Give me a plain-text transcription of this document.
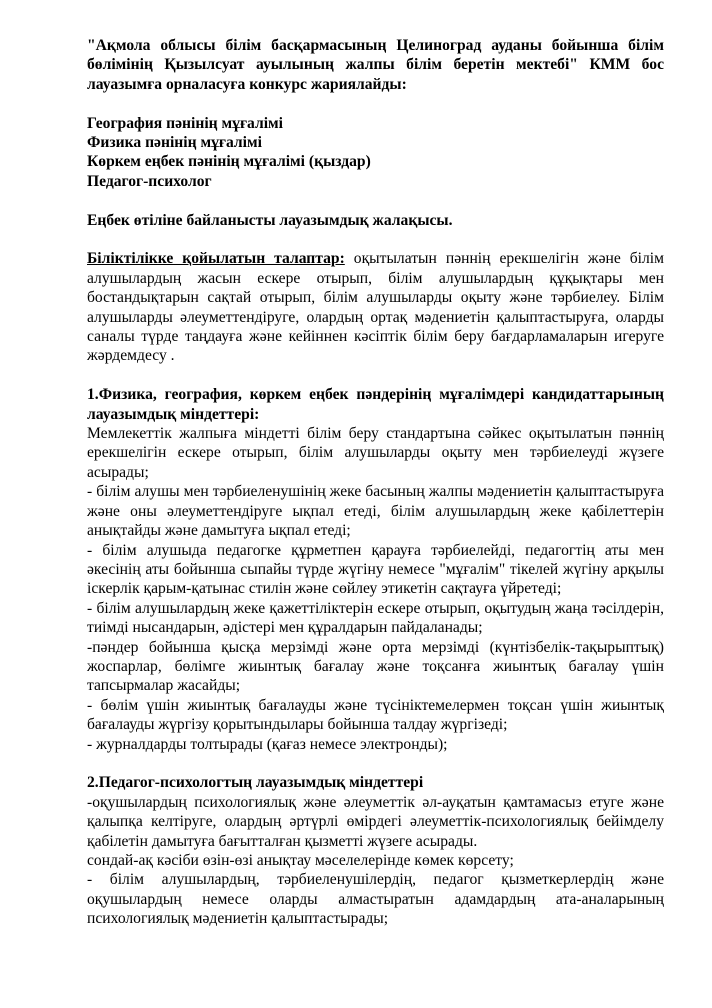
"Ақмола облысы білім басқармасының Целиноград ауданы бойынша білім бөлімінің Қызылсуат ауылының жалпы білім беретін мектебі" КММ бос лауазымға орналасуға конкурс жариялайды:

География пәнінің мұғалімі

Физика пәнінің мұғалімі

Көркем еңбек пәнінің мұғалімі (қыздар)

Педагог-психолог

Еңбек өтіліне байланысты лауазымдық жалақысы.

Біліктілікке қойылатын талаптар: оқытылатын пәннің ерекшелігін және білім алушылардың жасын ескере отырып, білім алушылардың құқықтары мен бостандықтарын сақтай отырып, білім алушыларды оқыту және тәрбиелеу. Білім алушыларды әлеуметтендіруге, олардың ортақ мәдениетін қалыптастыруға, оларды саналы түрде таңдауға және кейіннен кәсіптік білім беру бағдарламаларын игеруге жәрдемдесу .

1.Физика, география, көркем еңбек пәндерінің мұғалімдері кандидаттарының лауазымдық міндеттері:

Мемлекеттік жалпыға міндетті білім беру стандартына сәйкес оқытылатын пәннің ерекшелігін ескере отырып, білім алушыларды оқыту мен тәрбиелеуді жүзеге асырады;

- білім алушы мен тәрбиеленушінің жеке басының жалпы мәдениетін қалыптастыруға және оны әлеуметтендіруге ықпал етеді, білім алушылардың жеке қабілеттерін анықтайды және дамытуға ықпал етеді;

- білім алушыда педагогке құрметпен қарауға тәрбиелейді, педагогтің аты мен әкесінің аты бойынша сыпайы түрде жүгіну немесе "мұғалім" тікелей жүгіну арқылы іскерлік қарым-қатынас стилін және сөйлеу этикетін сақтауға үйретеді;

- білім алушылардың жеке қажеттіліктерін ескере отырып, оқытудың жаңа тәсілдерін, тиімді нысандарын, әдістері мен құралдарын пайдаланады;

-пәндер бойынша қысқа мерзімді және орта мерзімді (күнтізбелік-тақырыптық) жоспарлар, бөлімге жиынтық бағалау және тоқсанға жиынтық бағалау үшін тапсырмалар жасайды;

- бөлім үшін жиынтық бағалауды және түсініктемелермен тоқсан үшін жиынтық бағалауды жүргізу қорытындылары бойынша талдау жүргізеді;

- журналдарды толтырады (қағаз немесе электронды);

2.Педагог-психологтың лауазымдық міндеттері

-оқушылардың психологиялық және әлеуметтік әл-ауқатын қамтамасыз етуге және қалыпқа келтіруге, олардың әртүрлі өмірдегі әлеуметтік-психологиялық бейімделу қабілетін дамытуға бағытталған қызметті жүзеге асырады.

сондай-ақ кәсіби өзін-өзі анықтау мәселелерінде көмек көрсету;

- білім алушылардың, тәрбиеленушілердің, педагог қызметкерлердің және оқушылардың немесе оларды алмастыратын адамдардың ата-аналарының психологиялық мәдениетін қалыптастырады;
